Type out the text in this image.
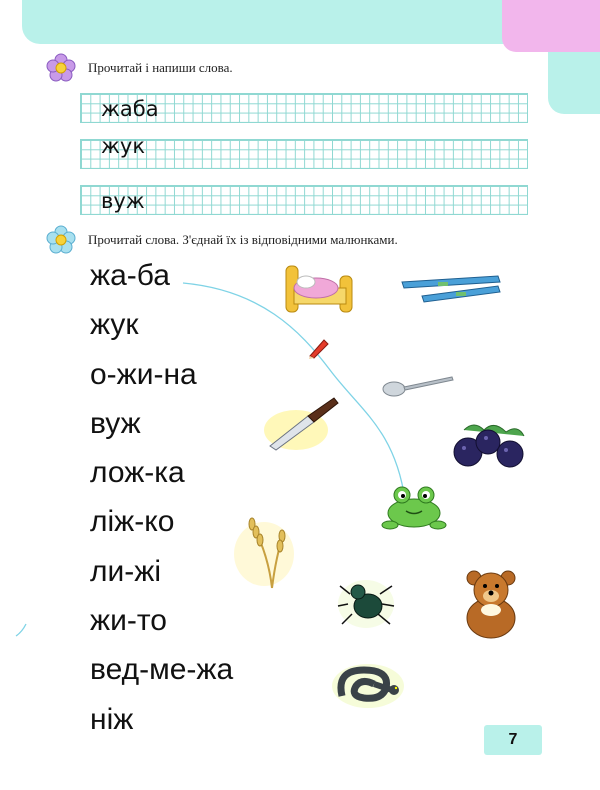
Прочитай і напиши слова.
жаба
жук
вуж
Прочитай слова. З'єднай їх із відповідними малюнками.
жа-ба
жук
о-жи-на
вуж
лож-ка
ліж-ко
ли-жі
жи-то
вед-ме-жа
ніж
7
